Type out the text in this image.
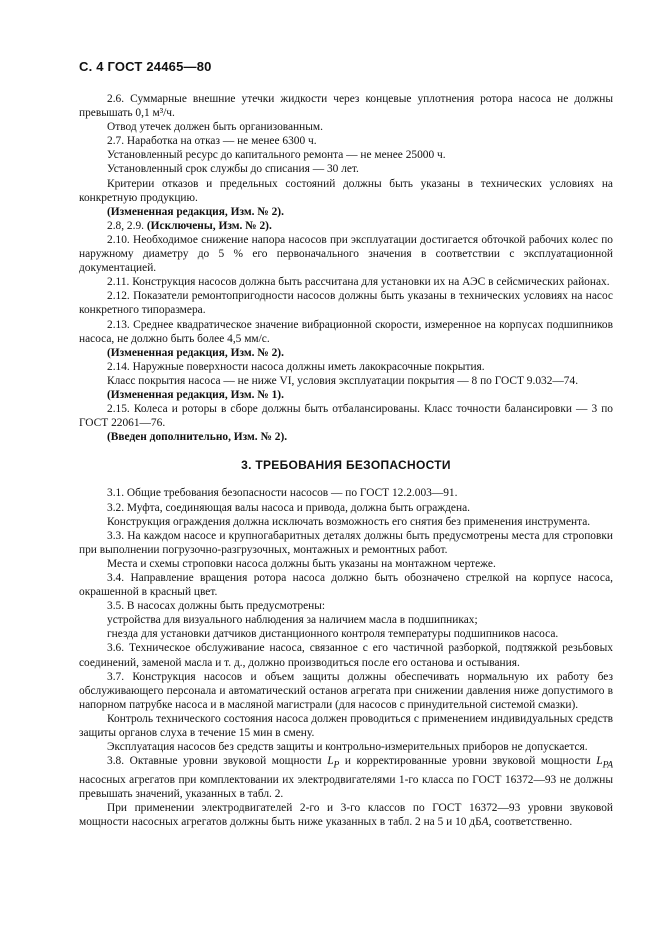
С. 4 ГОСТ 24465—80

2.6. Суммарные внешние утечки жидкости через концевые уплотнения ротора насоса не должны превышать 0,1 м³/ч.

Отвод утечек должен быть организованным.

2.7. Наработка на отказ — не менее 6300 ч.

Установленный ресурс до капитального ремонта — не менее 25000 ч.

Установленный срок службы до списания — 30 лет.

Критерии отказов и предельных состояний должны быть указаны в технических условиях на конкретную продукцию.

(Измененная редакция, Изм. № 2).

2.8, 2.9. (Исключены, Изм. № 2).

2.10. Необходимое снижение напора насосов при эксплуатации достигается обточкой рабочих колес по наружному диаметру до 5 % его первоначального значения в соответствии с эксплуатационной документацией.

2.11. Конструкция насосов должна быть рассчитана для установки их на АЭС в сейсмических районах.

2.12. Показатели ремонтопригодности насосов должны быть указаны в технических условиях на насос конкретного типоразмера.

2.13. Среднее квадратическое значение вибрационной скорости, измеренное на корпусах подшипников насоса, не должно быть более 4,5 мм/с.

(Измененная редакция, Изм. № 2).

2.14. Наружные поверхности насоса должны иметь лакокрасочные покрытия.

Класс покрытия насоса — не ниже VI, условия эксплуатации покрытия — 8 по ГОСТ 9.032—74.

(Измененная редакция, Изм. № 1).

2.15. Колеса и роторы в сборе должны быть отбалансированы. Класс точности балансировки — 3 по ГОСТ 22061—76.

(Введен дополнительно, Изм. № 2).

3. ТРЕБОВАНИЯ БЕЗОПАСНОСТИ

3.1. Общие требования безопасности насосов — по ГОСТ 12.2.003—91.

3.2. Муфта, соединяющая валы насоса и привода, должна быть ограждена.

Конструкция ограждения должна исключать возможность его снятия без применения инструмента.

3.3. На каждом насосе и крупногабаритных деталях должны быть предусмотрены места для строповки при выполнении погрузочно-разгрузочных, монтажных и ремонтных работ.

Места и схемы строповки насоса должны быть указаны на монтажном чертеже.

3.4. Направление вращения ротора насоса должно быть обозначено стрелкой на корпусе насоса, окрашенной в красный цвет.

3.5. В насосах должны быть предусмотрены:

устройства для визуального наблюдения за наличием масла в подшипниках;

гнезда для установки датчиков дистанционного контроля температуры подшипников насоса.

3.6. Техническое обслуживание насоса, связанное с его частичной разборкой, подтяжкой резьбовых соединений, заменой масла и т. д., должно производиться после его останова и остывания.

3.7. Конструкция насосов и объем защиты должны обеспечивать нормальную их работу без обслуживающего персонала и автоматический останов агрегата при снижении давления ниже допустимого в напорном патрубке насоса и в масляной магистрали (для насосов с принудительной системой смазки).

Контроль технического состояния насоса должен проводиться с применением индивидуальных средств защиты органов слуха в течение 15 мин в смену.

Эксплуатация насосов без средств защиты и контрольно-измерительных приборов не допускается.

3.8. Октавные уровни звуковой мощности $L_P$ и корректированные уровни звуковой мощности $L_{PA}$ насосных агрегатов при комплектовании их электродвигателями 1-го класса по ГОСТ 16372—93 не должны превышать значений, указанных в табл. 2.

При применении электродвигателей 2-го и 3-го классов по ГОСТ 16372—93 уровни звуковой мощности насосных агрегатов должны быть ниже указанных в табл. 2 на 5 и 10 дБА, соответственно.
